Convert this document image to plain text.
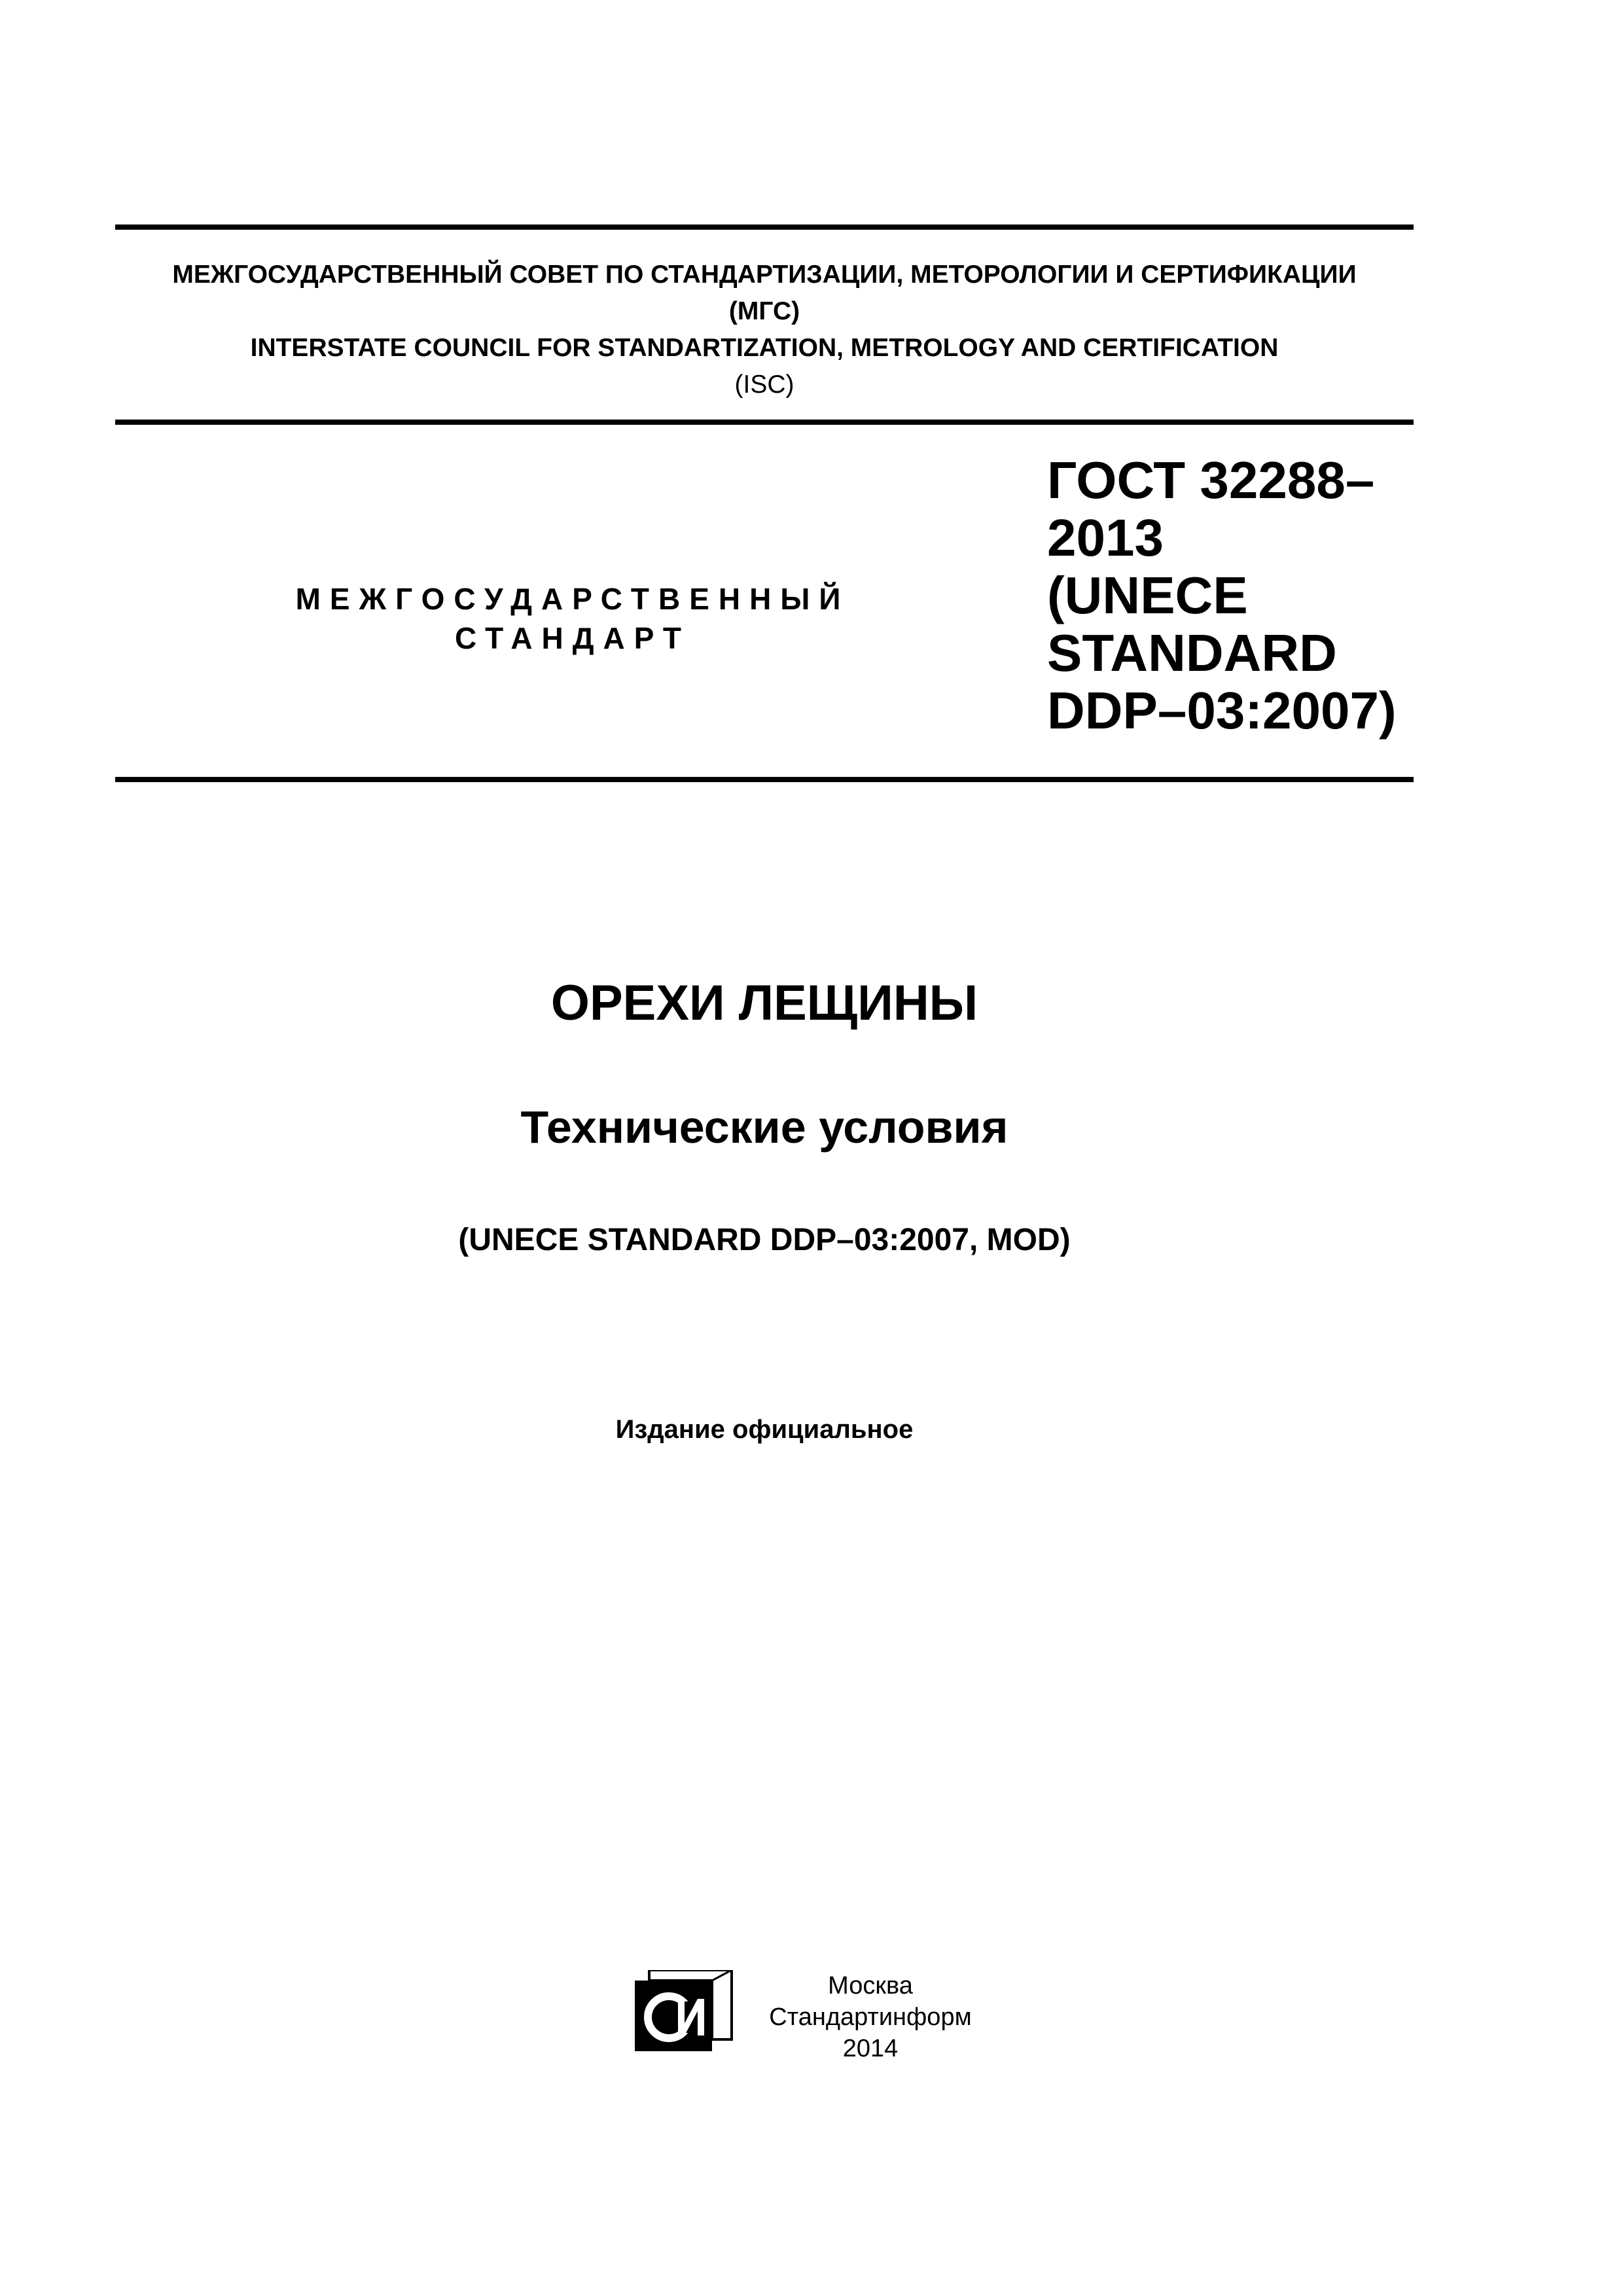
МЕЖГОСУДАРСТВЕННЫЙ СОВЕТ ПО СТАНДАРТИЗАЦИИ, МЕТОРОЛОГИИ И СЕРТИФИКАЦИИ
(МГС)
INTERSTATE COUNCIL FOR STANDARTIZATION, METROLOGY AND CERTIFICATION
(ISC)
МЕЖГОСУДАРСТВЕННЫЙ
СТАНДАРТ
ГОСТ 32288–
2013
(UNECE
STANDARD
DDP–03:2007)
ОРЕХИ ЛЕЩИНЫ
Технические условия
(UNECE STANDARD DDP–03:2007, MOD)
Издание официальное
Москва
Стандартинформ
2014
